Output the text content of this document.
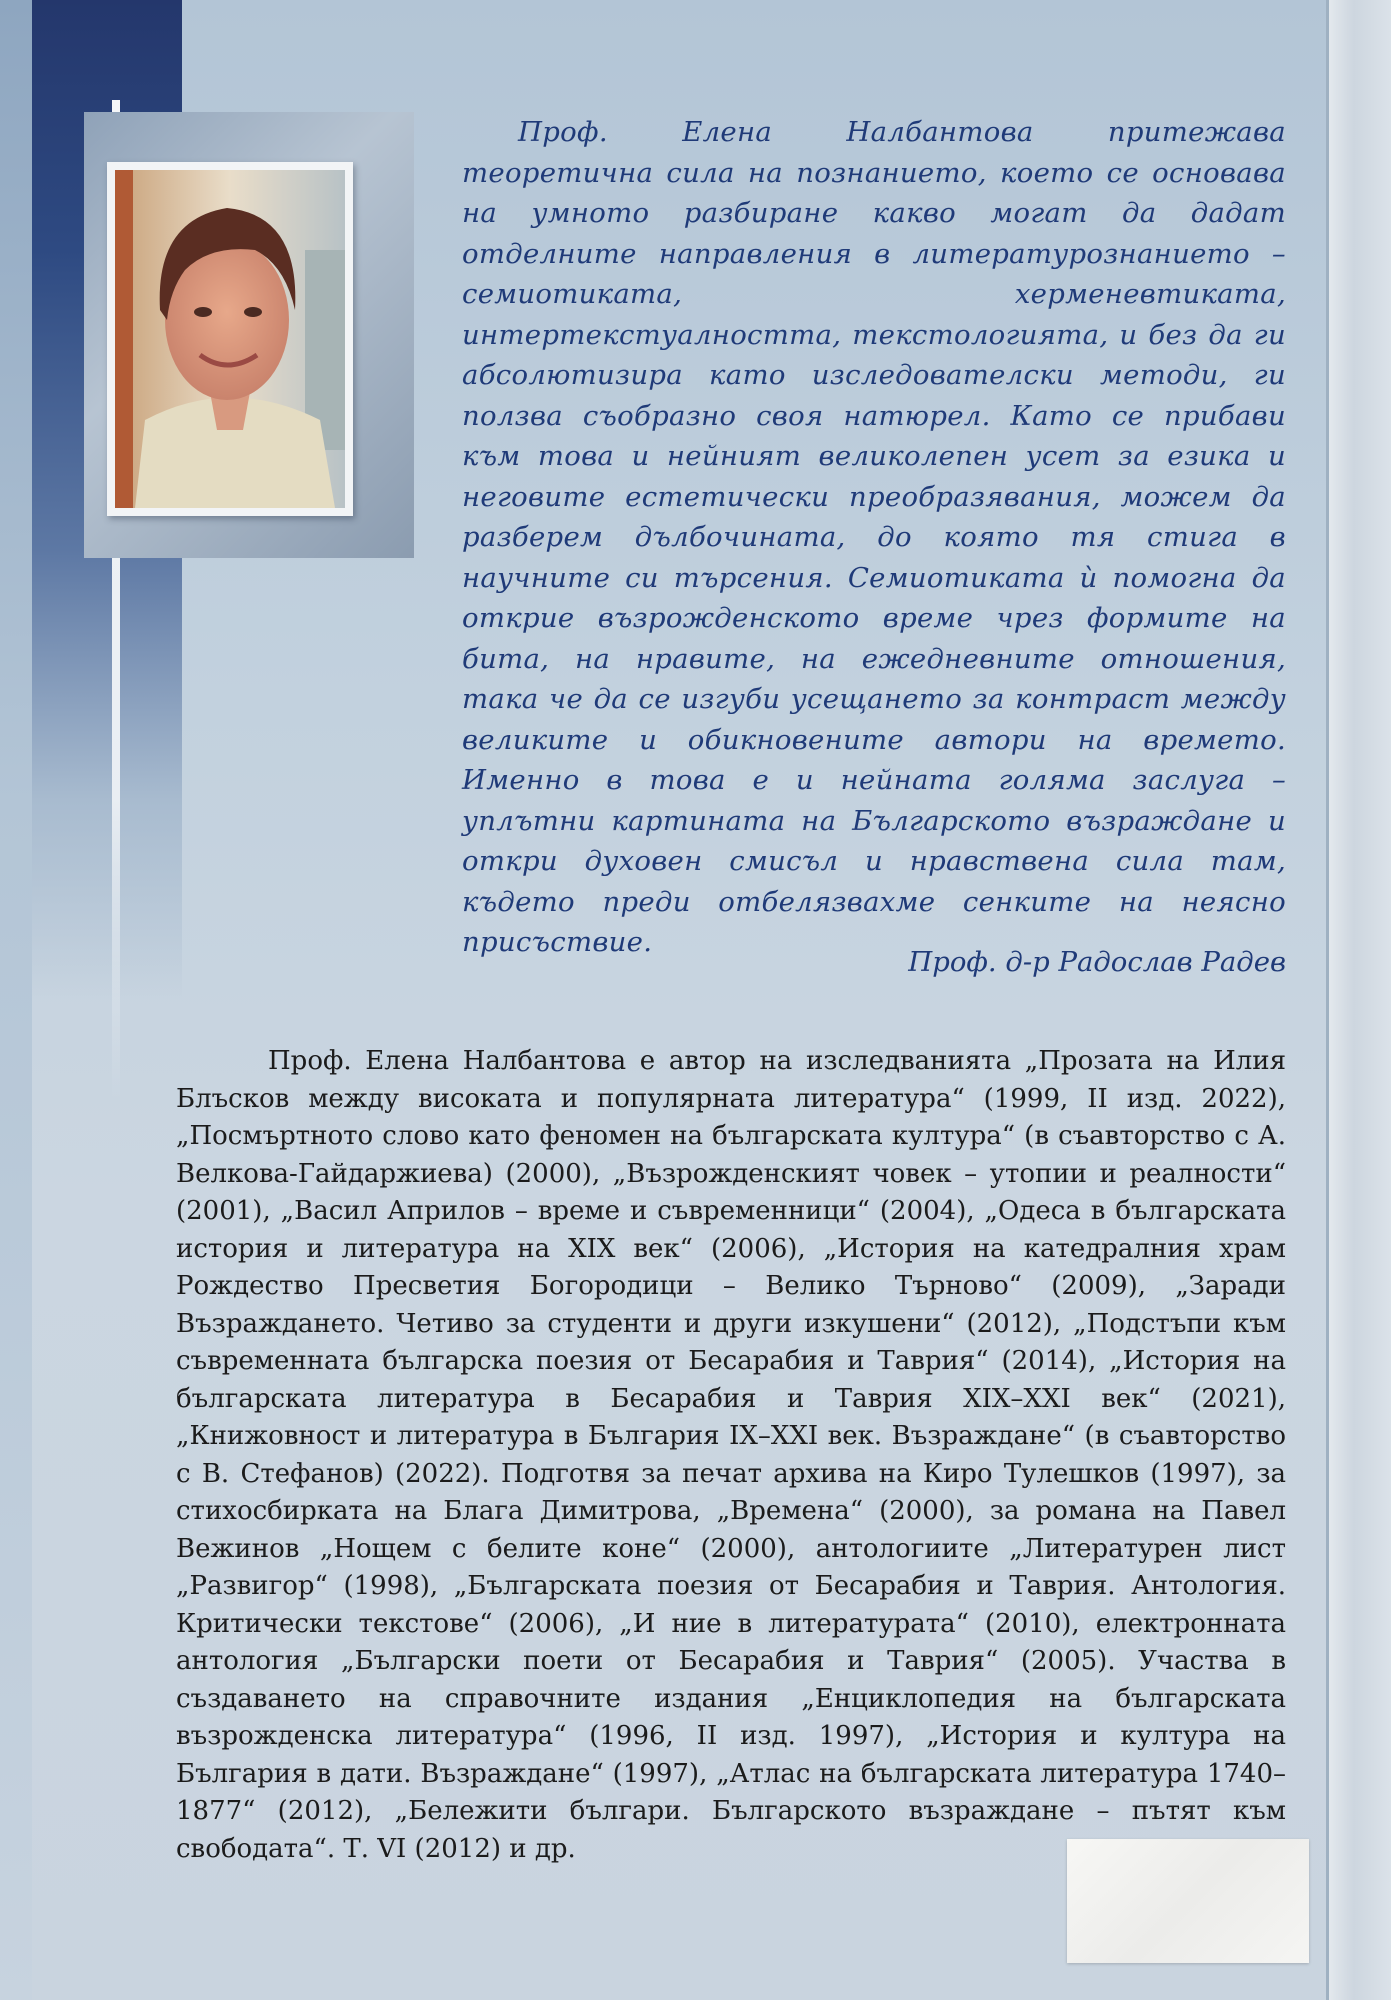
Проф. Елена Налбантова притежава теоретична сила на познанието, което се основава на умното разбиране какво могат да дадат отделните направления в литературознанието – семиотиката, херменевтиката, интертекстуалността, текстологията, и без да ги абсолютизира като изследователски методи, ги ползва съобразно своя натюрел. Като се прибави към това и нейният великолепен усет за езика и неговите естетически преобразявания, можем да разберем дълбочината, до която тя стига в научните си търсения. Семиотиката ѝ помогна да открие възрожденското време чрез формите на бита, на нравите, на ежедневните отношения, така че да се изгуби усещането за контраст между великите и обикновените автори на времето. Именно в това е и нейната голяма заслуга – уплътни картината на Българското възраждане и откри духовен смисъл и нравствена сила там, където преди отбелязвахме сенките на неясно присъствие.

Проф. д-р Радослав Радев

Проф. Елена Налбантова е автор на изследванията „Прозата на Илия Блъсков между високата и популярната литература“ (1999, II изд. 2022), „Посмъртното слово като феномен на българската култура“ (в съавторство с А. Велкова-Гайдаржиева) (2000), „Възрожденският човек – утопии и реалности“ (2001), „Васил Априлов – време и съвременници“ (2004), „Одеса в българската история и литература на XIX век“ (2006), „История на катедралния храм Рождество Пресветия Богородици – Велико Търново“ (2009), „Заради Възраждането. Четиво за студенти и други изкушени“ (2012), „Подстъпи към съвременната българска поезия от Бесарабия и Таврия“ (2014), „История на българската литература в Бесарабия и Таврия XIX–XXI век“ (2021), „Книжовност и литература в България IX–XXI век. Възраждане“ (в съавторство с В. Стефанов) (2022). Подготвя за печат архива на Киро Тулешков (1997), за стихосбирката на Блага Димитрова, „Времена“ (2000), за романа на Павел Вежинов „Нощем с белите коне“ (2000), антологиите „Литературен лист „Развигор“ (1998), „Българската поезия от Бесарабия и Таврия. Антология. Критически текстове“ (2006), „И ние в литературата“ (2010), електронната антология „Български поети от Бесарабия и Таврия“ (2005). Участва в създаването на справочните издания „Енциклопедия на българската възрожденска литература“ (1996, II изд. 1997), „История и култура на България в дати. Възраждане“ (1997), „Атлас на българската литература 1740–1877“ (2012), „Бележити българи. Българското възраждане – пътят към свободата“. Т. VI (2012) и др.
